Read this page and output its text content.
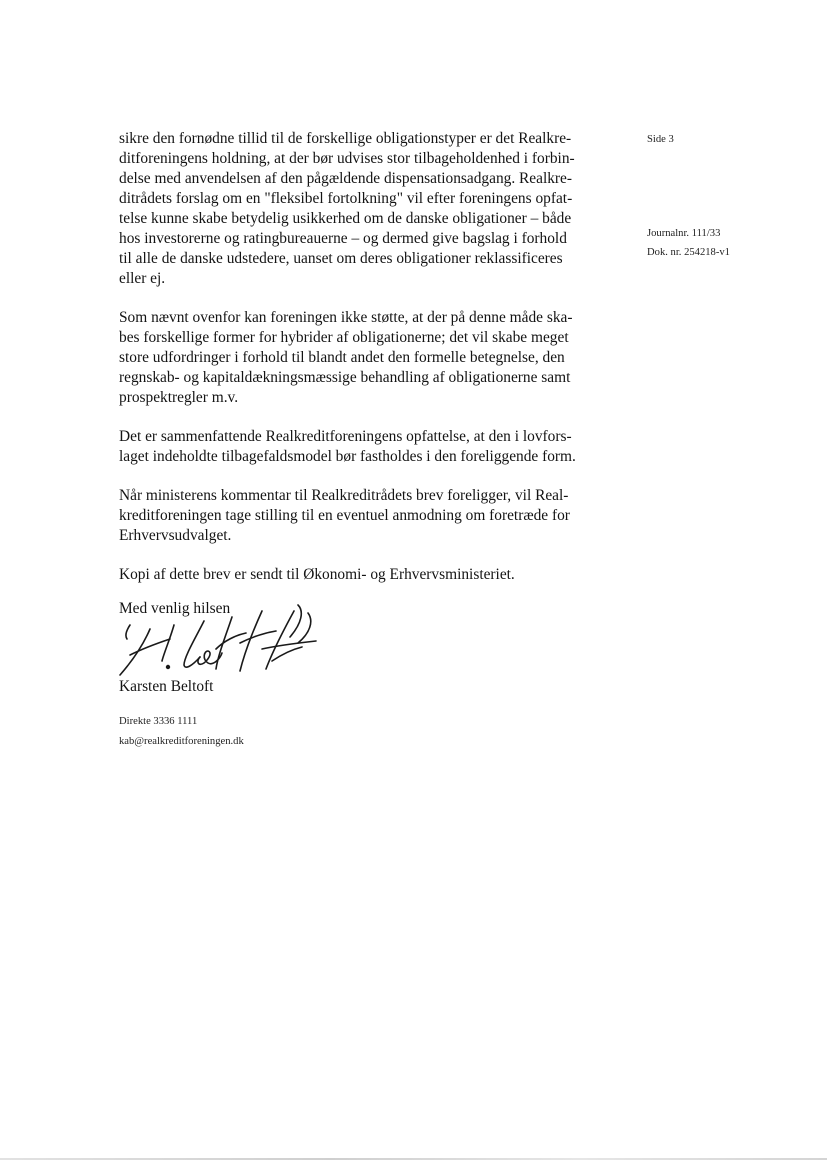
Side 3
Journalnr. 111/33
Dok. nr. 254218-v1

sikre den fornødne tillid til de forskellige obligationstyper er det Realkre-
ditforeningens holdning, at der bør udvises stor tilbageholdenhed i forbin-
delse med anvendelsen af den pågældende dispensationsadgang. Realkre-
ditrådets forslag om en "fleksibel fortolkning" vil efter foreningens opfat-
telse kunne skabe betydelig usikkerhed om de danske obligationer – både
hos investorerne og ratingbureauerne – og dermed give bagslag i forhold
til alle de danske udstedere, uanset om deres obligationer reklassificeres
eller ej.

Som nævnt ovenfor kan foreningen ikke støtte, at der på denne måde ska-
bes forskellige former for hybrider af obligationerne; det vil skabe meget
store udfordringer i forhold til blandt andet den formelle betegnelse, den
regnskab- og kapitaldækningsmæssige behandling af obligationerne samt
prospektregler m.v.

Det er sammenfattende Realkreditforeningens opfattelse, at den i lovfors-
laget indeholdte tilbagefaldsmodel bør fastholdes i den foreliggende form.

Når ministerens kommentar til Realkreditrådets brev foreligger, vil Real-
kreditforeningen tage stilling til en eventuel anmodning om foretræde for
Erhvervsudvalget.

Kopi af dette brev er sendt til Økonomi- og Erhvervsministeriet.

Med venlig hilsen
Karsten Beltoft
Direkte 3336 1111
kab@realkreditforeningen.dk
